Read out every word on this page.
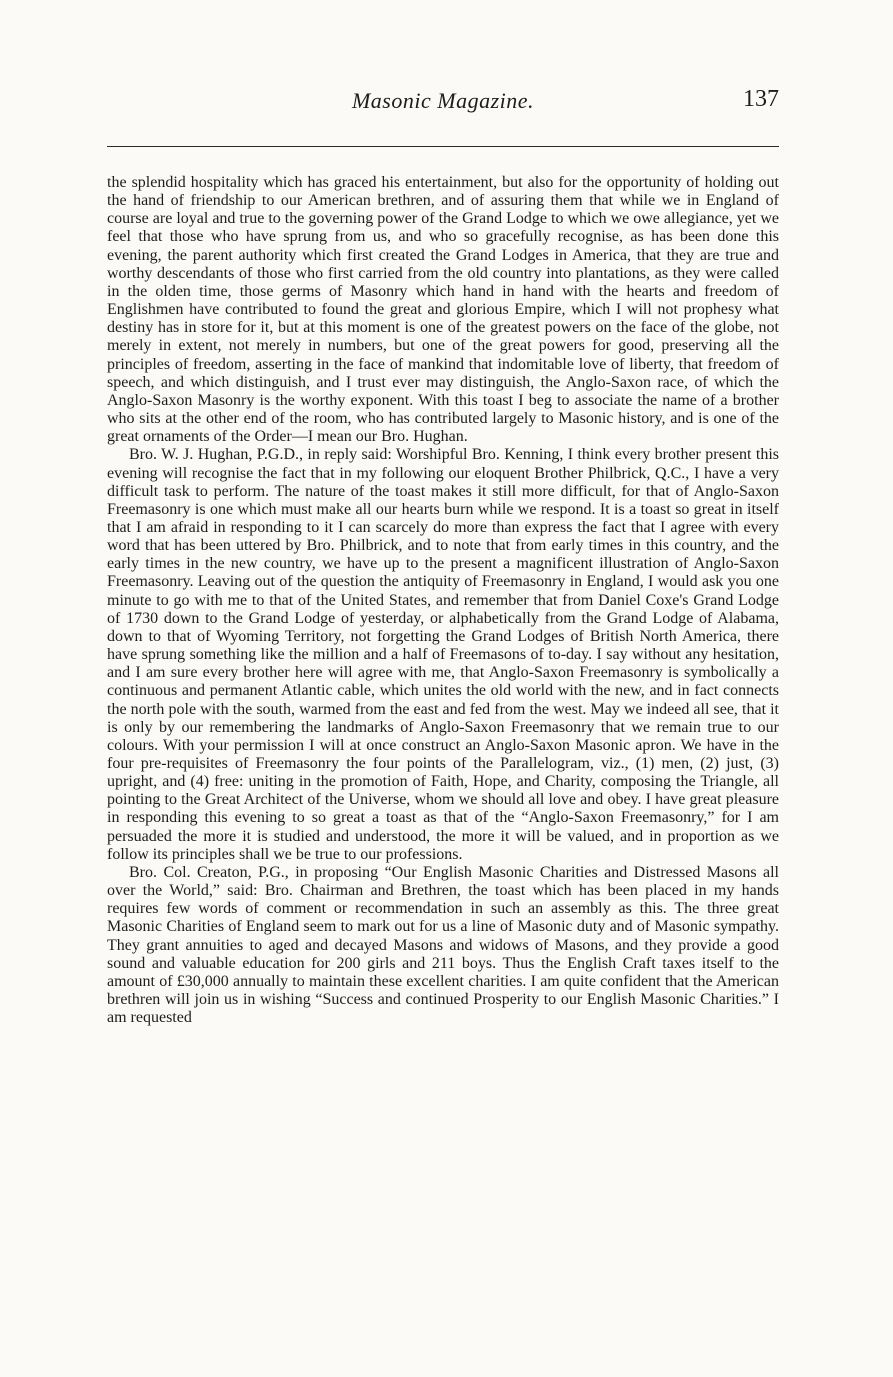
Masonic Magazine.	137

the splendid hospitality which has graced his entertainment, but also for the opportunity of holding out the hand of friendship to our American brethren, and of assuring them that while we in England of course are loyal and true to the governing power of the Grand Lodge to which we owe allegiance, yet we feel that those who have sprung from us, and who so gracefully recognise, as has been done this evening, the parent authority which first created the Grand Lodges in America, that they are true and worthy descendants of those who first carried from the old country into plantations, as they were called in the olden time, those germs of Masonry which hand in hand with the hearts and freedom of Englishmen have contributed to found the great and glorious Empire, which I will not prophesy what destiny has in store for it, but at this moment is one of the greatest powers on the face of the globe, not merely in extent, not merely in numbers, but one of the great powers for good, preserving all the principles of freedom, asserting in the face of mankind that indomitable love of liberty, that freedom of speech, and which distinguish, and I trust ever may distinguish, the Anglo-Saxon race, of which the Anglo-Saxon Masonry is the worthy exponent. With this toast I beg to associate the name of a brother who sits at the other end of the room, who has contributed largely to Masonic history, and is one of the great ornaments of the Order—I mean our Bro. Hughan.

Bro. W. J. Hughan, P.G.D., in reply said: Worshipful Bro. Kenning, I think every brother present this evening will recognise the fact that in my following our eloquent Brother Philbrick, Q.C., I have a very difficult task to perform. The nature of the toast makes it still more difficult, for that of Anglo-Saxon Freemasonry is one which must make all our hearts burn while we respond. It is a toast so great in itself that I am afraid in responding to it I can scarcely do more than express the fact that I agree with every word that has been uttered by Bro. Philbrick, and to note that from early times in this country, and the early times in the new country, we have up to the present a magnificent illustration of Anglo-Saxon Freemasonry. Leaving out of the question the antiquity of Freemasonry in England, I would ask you one minute to go with me to that of the United States, and remember that from Daniel Coxe's Grand Lodge of 1730 down to the Grand Lodge of yesterday, or alphabetically from the Grand Lodge of Alabama, down to that of Wyoming Territory, not forgetting the Grand Lodges of British North America, there have sprung something like the million and a half of Freemasons of to-day. I say without any hesitation, and I am sure every brother here will agree with me, that Anglo-Saxon Freemasonry is symbolically a continuous and permanent Atlantic cable, which unites the old world with the new, and in fact connects the north pole with the south, warmed from the east and fed from the west. May we indeed all see, that it is only by our remembering the landmarks of Anglo-Saxon Freemasonry that we remain true to our colours. With your permission I will at once construct an Anglo-Saxon Masonic apron. We have in the four pre-requisites of Freemasonry the four points of the Parallelogram, viz., (1) men, (2) just, (3) upright, and (4) free: uniting in the promotion of Faith, Hope, and Charity, composing the Triangle, all pointing to the Great Architect of the Universe, whom we should all love and obey. I have great pleasure in responding this evening to so great a toast as that of the “Anglo-Saxon Freemasonry,” for I am persuaded the more it is studied and understood, the more it will be valued, and in proportion as we follow its principles shall we be true to our professions.

Bro. Col. Creaton, P.G., in proposing “Our English Masonic Charities and Distressed Masons all over the World,” said: Bro. Chairman and Brethren, the toast which has been placed in my hands requires few words of comment or recommendation in such an assembly as this. The three great Masonic Charities of England seem to mark out for us a line of Masonic duty and of Masonic sympathy. They grant annuities to aged and decayed Masons and widows of Masons, and they provide a good sound and valuable education for 200 girls and 211 boys. Thus the English Craft taxes itself to the amount of £30,000 annually to maintain these excellent charities. I am quite confident that the American brethren will join us in wishing “Success and continued Prosperity to our English Masonic Charities.” I am requested
